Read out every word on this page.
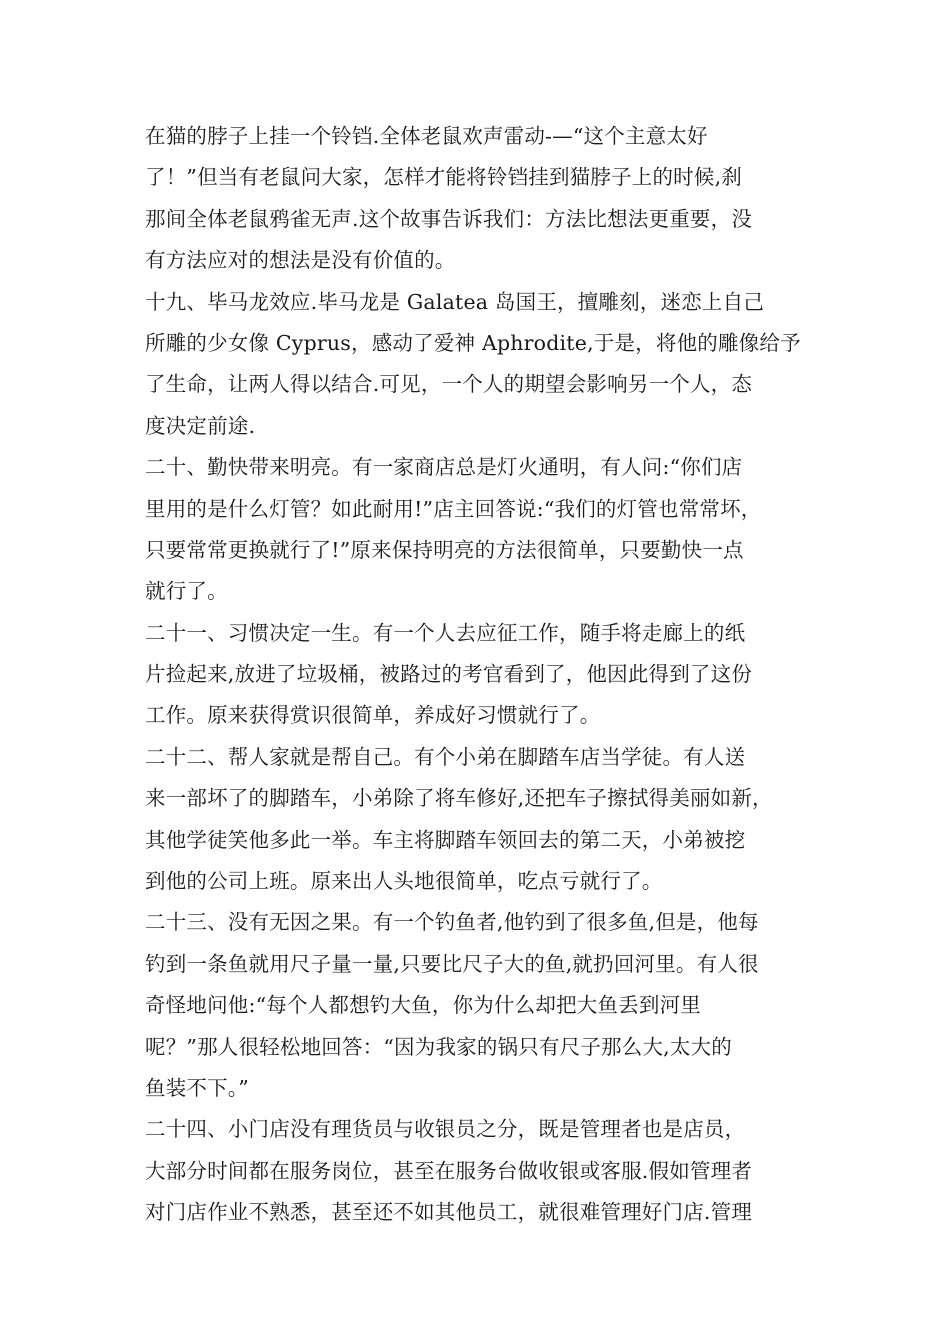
在猫的脖子上挂一个铃铛.全体老鼠欢声雷动-—“这个主意太好
了！”但当有老鼠问大家，怎样才能将铃铛挂到猫脖子上的时候,刹
那间全体老鼠鸦雀无声.这个故事告诉我们：方法比想法更重要，没
有方法应对的想法是没有价值的。
十九、毕马龙效应.毕马龙是 Galatea 岛国王，擅雕刻，迷恋上自己
所雕的少女像 Cyprus，感动了爱神 Aphrodite,于是，将他的雕像给予
了生命，让两人得以结合.可见，一个人的期望会影响另一个人，态
度决定前途.
二十、勤快带来明亮。有一家商店总是灯火通明，有人问:“你们店
里用的是什么灯管？如此耐用!”店主回答说:“我们的灯管也常常坏，
只要常常更换就行了!”原来保持明亮的方法很简单，只要勤快一点
就行了。
二十一、习惯决定一生。有一个人去应征工作，随手将走廊上的纸
片捡起来,放进了垃圾桶，被路过的考官看到了，他因此得到了这份
工作。原来获得赏识很简单，养成好习惯就行了。
二十二、帮人家就是帮自己。有个小弟在脚踏车店当学徒。有人送
来一部坏了的脚踏车，小弟除了将车修好,还把车子擦拭得美丽如新，
其他学徒笑他多此一举。车主将脚踏车领回去的第二天，小弟被挖
到他的公司上班。原来出人头地很简单，吃点亏就行了。
二十三、没有无因之果。有一个钓鱼者,他钓到了很多鱼,但是，他每
钓到一条鱼就用尺子量一量,只要比尺子大的鱼,就扔回河里。有人很
奇怪地问他:“每个人都想钓大鱼，你为什么却把大鱼丢到河里
呢？”那人很轻松地回答：“因为我家的锅只有尺子那么大,太大的
鱼装不下。”
二十四、小门店没有理货员与收银员之分，既是管理者也是店员，
大部分时间都在服务岗位，甚至在服务台做收银或客服.假如管理者
对门店作业不熟悉，甚至还不如其他员工，就很难管理好门店.管理
